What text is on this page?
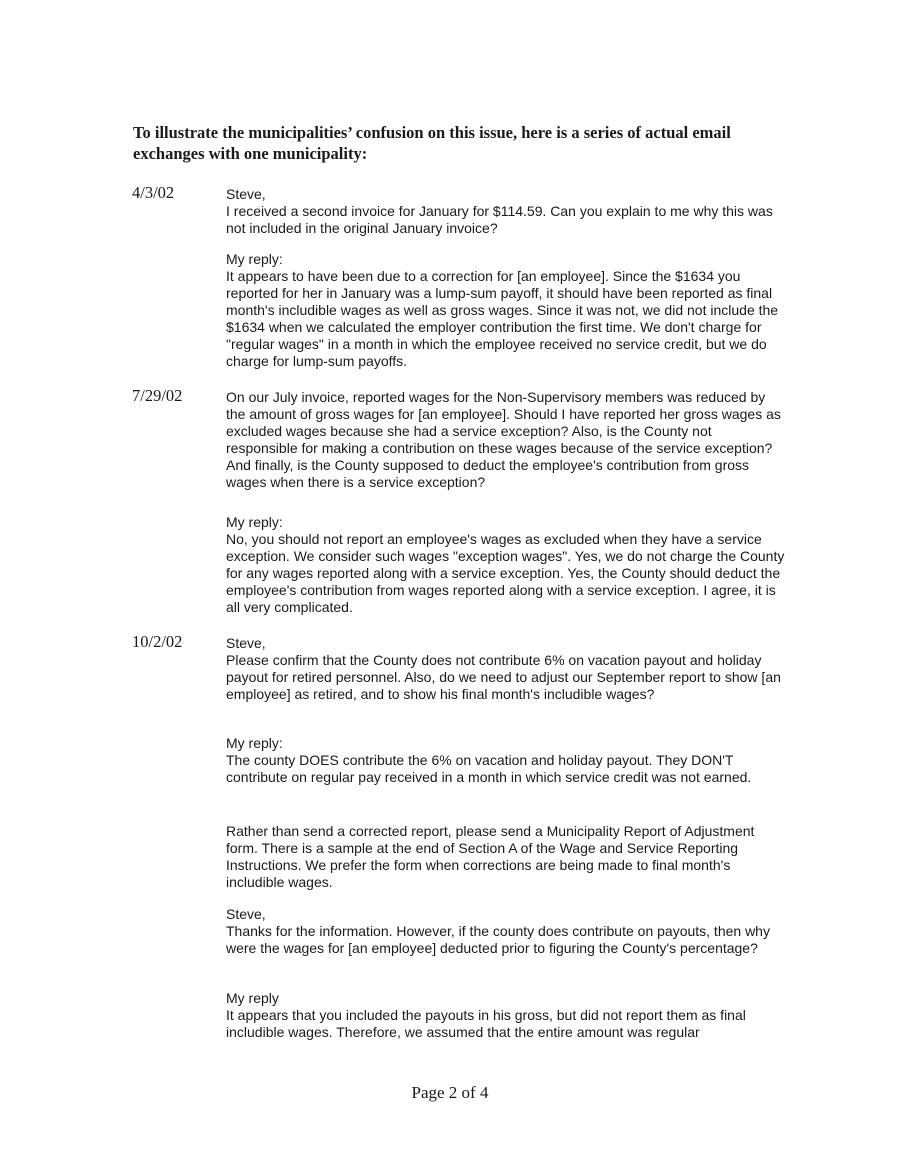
To illustrate the municipalities’ confusion on this issue, here is a series of actual email exchanges with one municipality:
4/3/02	Steve,

I received a second invoice for January for $114.59. Can you explain to me why this was not included in the original January invoice?

My reply:

It appears to have been due to a correction for [an employee]. Since the $1634 you reported for her in January was a lump-sum payoff, it should have been reported as final month's includible wages as well as gross wages. Since it was not, we did not include the $1634 when we calculated the employer contribution the first time. We don't charge for "regular wages" in a month in which the employee received no service credit, but we do charge for lump-sum payoffs.

7/29/02	On our July invoice, reported wages for the Non-Supervisory members was reduced by the amount of gross wages for [an employee]. Should I have reported her gross wages as excluded wages because she had a service exception? Also, is the County not responsible for making a contribution on these wages because of the service exception? And finally, is the County supposed to deduct the employee's contribution from gross wages when there is a service exception?

My reply:

No, you should not report an employee's wages as excluded when they have a service exception. We consider such wages "exception wages". Yes, we do not charge the County for any wages reported along with a service exception. Yes, the County should deduct the employee's contribution from wages reported along with a service exception. I agree, it is all very complicated.

10/2/02	Steve,

Please confirm that the County does not contribute 6% on vacation payout and holiday payout for retired personnel. Also, do we need to adjust our September report to show [an employee] as retired, and to show his final month's includible wages?

My reply:

The county DOES contribute the 6% on vacation and holiday payout. They DON'T contribute on regular pay received in a month in which service credit was not earned.

Rather than send a corrected report, please send a Municipality Report of Adjustment form. There is a sample at the end of Section A of the Wage and Service Reporting Instructions. We prefer the form when corrections are being made to final month's includible wages.

Steve,

Thanks for the information. However, if the county does contribute on payouts, then why were the wages for [an employee] deducted prior to figuring the County's percentage?

My reply

It appears that you included the payouts in his gross, but did not report them as final includible wages. Therefore, we assumed that the entire amount was regular

Page 2 of 4
